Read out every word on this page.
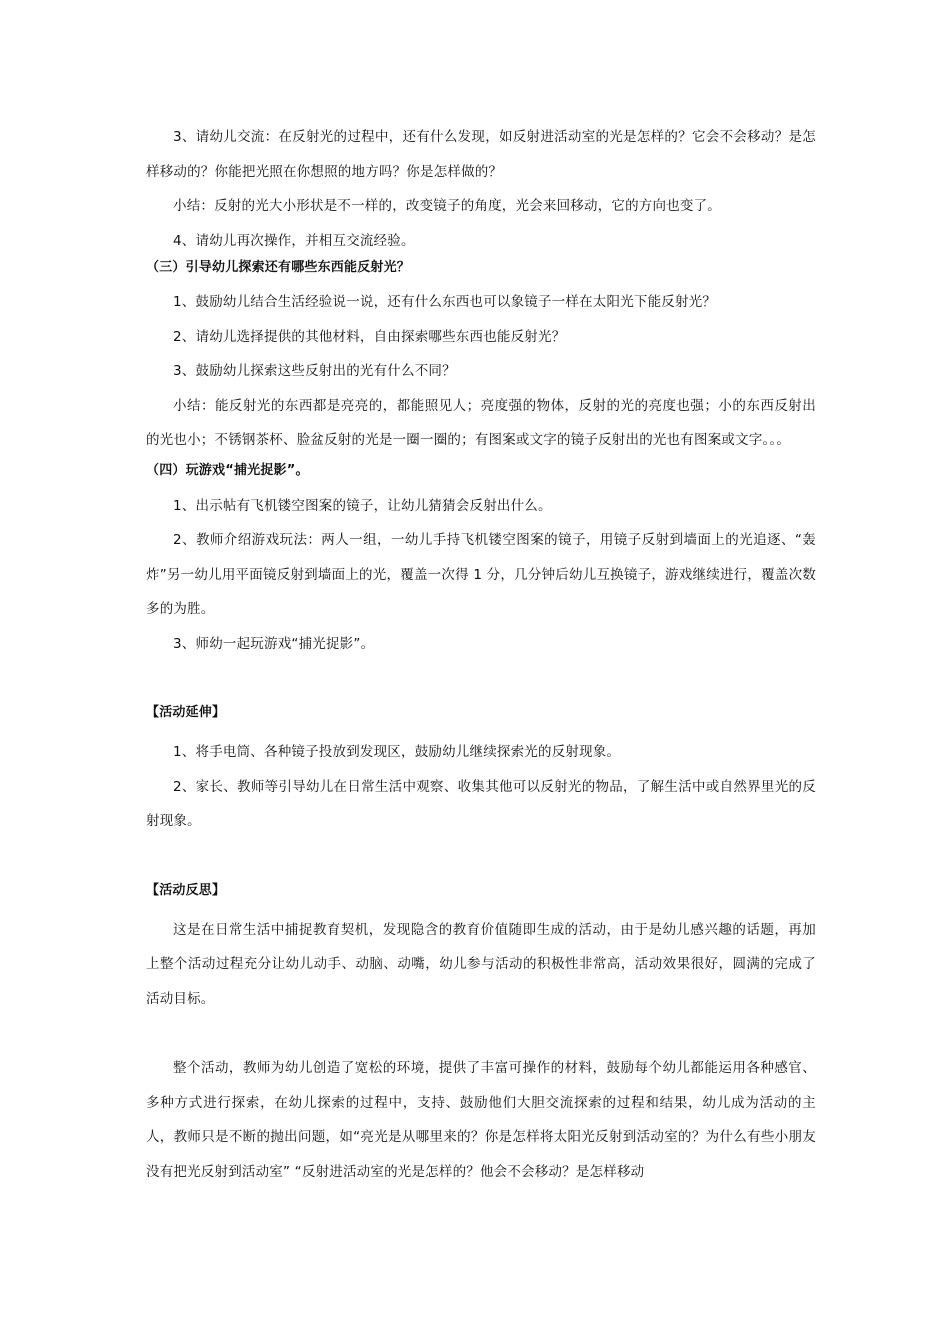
3、请幼儿交流：在反射光的过程中，还有什么发现，如反射进活动室的光是怎样的？它会不会移动？是怎样移动的？你能把光照在你想照的地方吗？你是怎样做的？

小结：反射的光大小形状是不一样的，改变镜子的角度，光会来回移动，它的方向也变了。

4、请幼儿再次操作，并相互交流经验。

（三）引导幼儿探索还有哪些东西能反射光？

1、鼓励幼儿结合生活经验说一说，还有什么东西也可以象镜子一样在太阳光下能反射光？

2、请幼儿选择提供的其他材料，自由探索哪些东西也能反射光？

3、鼓励幼儿探索这些反射出的光有什么不同？

小结：能反射光的东西都是亮亮的，都能照见人；亮度强的物体，反射的光的亮度也强；小的东西反射出的光也小；不锈钢茶杯、脸盆反射的光是一圈一圈的；有图案或文字的镜子反射出的光也有图案或文字。。。

（四）玩游戏“捕光捉影”。

1、出示帖有飞机镂空图案的镜子，让幼儿猜猜会反射出什么。

2、教师介绍游戏玩法：两人一组，一幼儿手持飞机镂空图案的镜子，用镜子反射到墙面上的光追逐、“轰炸”另一幼儿用平面镜反射到墙面上的光，覆盖一次得 1 分，几分钟后幼儿互换镜子，游戏继续进行，覆盖次数多的为胜。

3、师幼一起玩游戏“捕光捉影”。

【活动延伸】

1、将手电筒、各种镜子投放到发现区，鼓励幼儿继续探索光的反射现象。

2、家长、教师等引导幼儿在日常生活中观察、收集其他可以反射光的物品，了解生活中或自然界里光的反射现象。

【活动反思】

这是在日常生活中捕捉教育契机，发现隐含的教育价值随即生成的活动，由于是幼儿感兴趣的话题，再加上整个活动过程充分让幼儿动手、动脑、动嘴，幼儿参与活动的积极性非常高，活动效果很好，圆满的完成了活动目标。

整个活动，教师为幼儿创造了宽松的环境，提供了丰富可操作的材料，鼓励每个幼儿都能运用各种感官、多种方式进行探索，在幼儿探索的过程中，支持、鼓励他们大胆交流探索的过程和结果，幼儿成为活动的主人，教师只是不断的抛出问题，如“亮光是从哪里来的？你是怎样将太阳光反射到活动室的？为什么有些小朋友没有把光反射到活动室” “反射进活动室的光是怎样的？他会不会移动？是怎样移动
